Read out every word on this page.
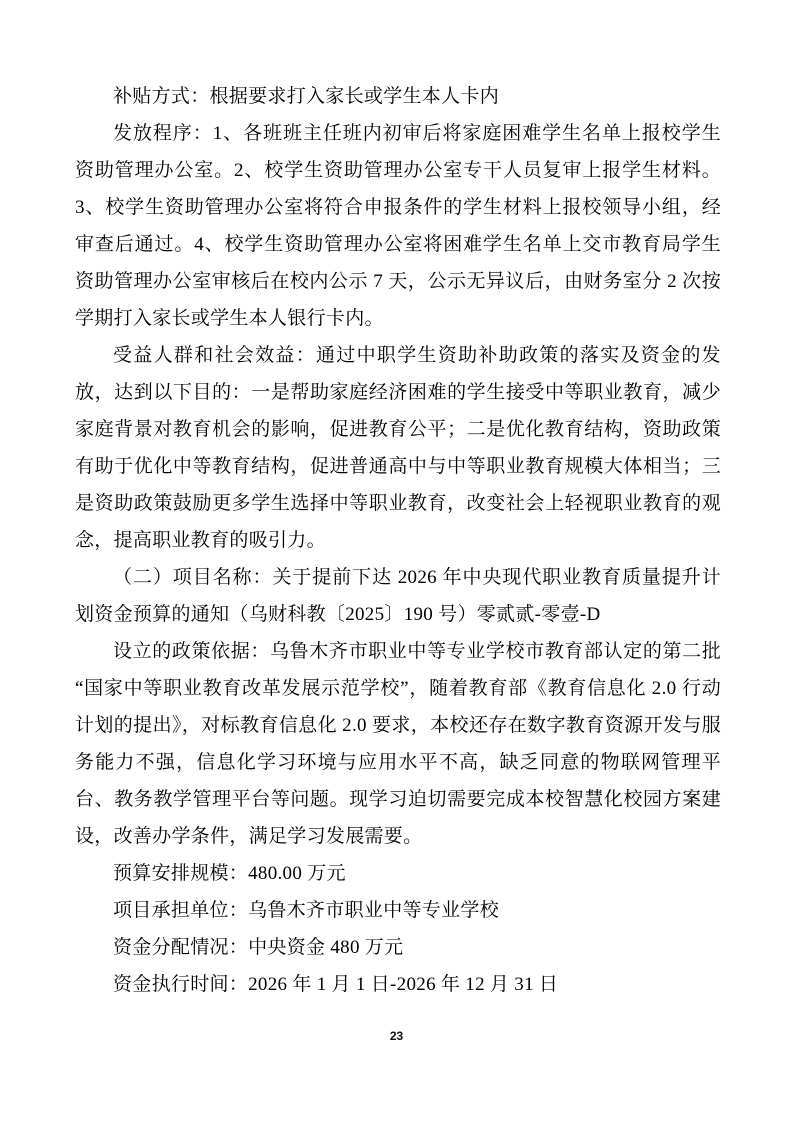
补贴方式：根据要求打入家长或学生本人卡内

发放程序：1、各班班主任班内初审后将家庭困难学生名单上报校学生资助管理办公室。2、校学生资助管理办公室专干人员复审上报学生材料。3、校学生资助管理办公室将符合申报条件的学生材料上报校领导小组，经审查后通过。4、校学生资助管理办公室将困难学生名单上交市教育局学生资助管理办公室审核后在校内公示 7 天，公示无异议后，由财务室分 2 次按学期打入家长或学生本人银行卡内。

受益人群和社会效益：通过中职学生资助补助政策的落实及资金的发放，达到以下目的：一是帮助家庭经济困难的学生接受中等职业教育，减少家庭背景对教育机会的影响，促进教育公平；二是优化教育结构，资助政策有助于优化中等教育结构，促进普通高中与中等职业教育规模大体相当；三是资助政策鼓励更多学生选择中等职业教育，改变社会上轻视职业教育的观念，提高职业教育的吸引力。

（二）项目名称：关于提前下达 2026 年中央现代职业教育质量提升计划资金预算的通知（乌财科教〔2025〕190 号）零贰贰-零壹-D

设立的政策依据：乌鲁木齐市职业中等专业学校市教育部认定的第二批“国家中等职业教育改革发展示范学校”，随着教育部《教育信息化 2.0 行动计划的提出》，对标教育信息化 2.0 要求，本校还存在数字教育资源开发与服务能力不强，信息化学习环境与应用水平不高，缺乏同意的物联网管理平台、教务教学管理平台等问题。现学习迫切需要完成本校智慧化校园方案建设，改善办学条件，满足学习发展需要。

预算安排规模：480.00 万元

项目承担单位：乌鲁木齐市职业中等专业学校

资金分配情况：中央资金 480 万元

资金执行时间：2026 年 1 月 1 日-2026 年 12 月 31 日

23
